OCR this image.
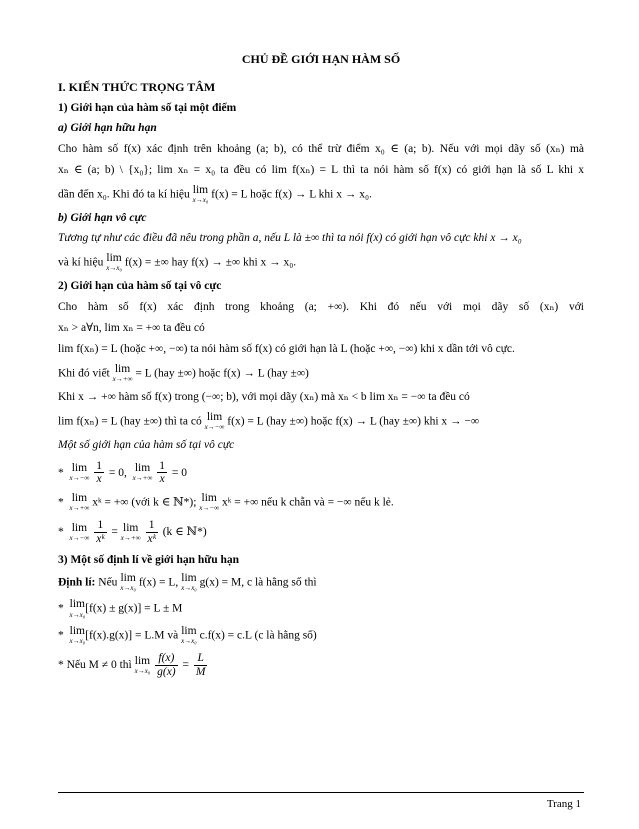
CHỦ ĐỀ GIỚI HẠN HÀM SỐ
I. KIẾN THỨC TRỌNG TÂM
1) Giới hạn của hàm số tại một điểm
a) Giới hạn hữu hạn
Cho hàm số f(x) xác định trên khoảng (a; b), có thể trừ điểm x₀ ∈ (a; b). Nếu với mọi dãy số (xₙ) mà
xₙ ∈ (a; b) \ {x₀}; lim xₙ = x₀ ta đều có lim f(xₙ) = L thì ta nói hàm số f(x) có giới hạn là số L khi x
dần đến x₀. Khi đó ta kí hiệu lim
x→x₀
f(x) = L hoặc f(x) → L khi x → x₀.
b) Giới hạn vô cực
Tương tự như các điều đã nêu trong phần a, nếu L là ±∞ thì ta nói f(x) có giới hạn vô cực khi x → x₀
và kí hiệu lim
x→x₀
f(x) = ±∞ hay f(x) → ±∞ khi x → x₀.
2) Giới hạn của hàm số tại vô cực
Cho hàm số f(x) xác định trong khoảng (a; +∞). Khi đó nếu với mọi dãy số (xₙ) với
xₙ > a∀n, lim xₙ = +∞ ta đều có
lim f(xₙ) = L (hoặc +∞, −∞) ta nói hàm số f(x) có giới hạn là L (hoặc +∞, −∞) khi x dần tới vô cực.
Khi đó viết lim
x→+∞
= L (hay ±∞) hoặc f(x) → L (hay ±∞)
Khi x → +∞ hàm số f(x) trong (−∞; b), với mọi dãy (xₙ) mà xₙ < b lim xₙ = −∞ ta đều có
lim f(xₙ) = L (hay ±∞) thì ta có lim
x→−∞
f(x) = L (hay ±∞) hoặc f(x) → L (hay ±∞) khi x → −∞
Một số giới hạn của hàm số tại vô cực
*  lim
x→−∞
$\frac{1}{x} = 0$,  lim
x→+∞
$\frac{1}{x} = 0$
*  lim
x→+∞
xᵏ = +∞ (với k ∈ ℕ*); lim
x→−∞
xᵏ = +∞ nếu k chẵn và = −∞ nếu k lẻ.
*  lim
x→−∞
$\frac{1}{\text{xᵏ}} = \lim$
x→+∞
$\frac{1}{\text{xᵏ}} (k$ ∈ ℕ*)
3) Một số định lí về giới hạn hữu hạn
Định lí: Nếu lim
x→x₀
f(x) = L, lim
x→x₀
g(x) = M, c là hằng số thì
*  lim
x→x₀
[f(x) ± g(x)] = L ± M
*  lim
x→x₀
[f(x).g(x)] = L.M và lim
x→x₀
c.f(x) = c.L (c là hằng số)
* Nếu M ≠ 0 thì lim
x→x₀
$\frac{f(x)}{g(x)} = \frac{L}{M}$
Trang 1
